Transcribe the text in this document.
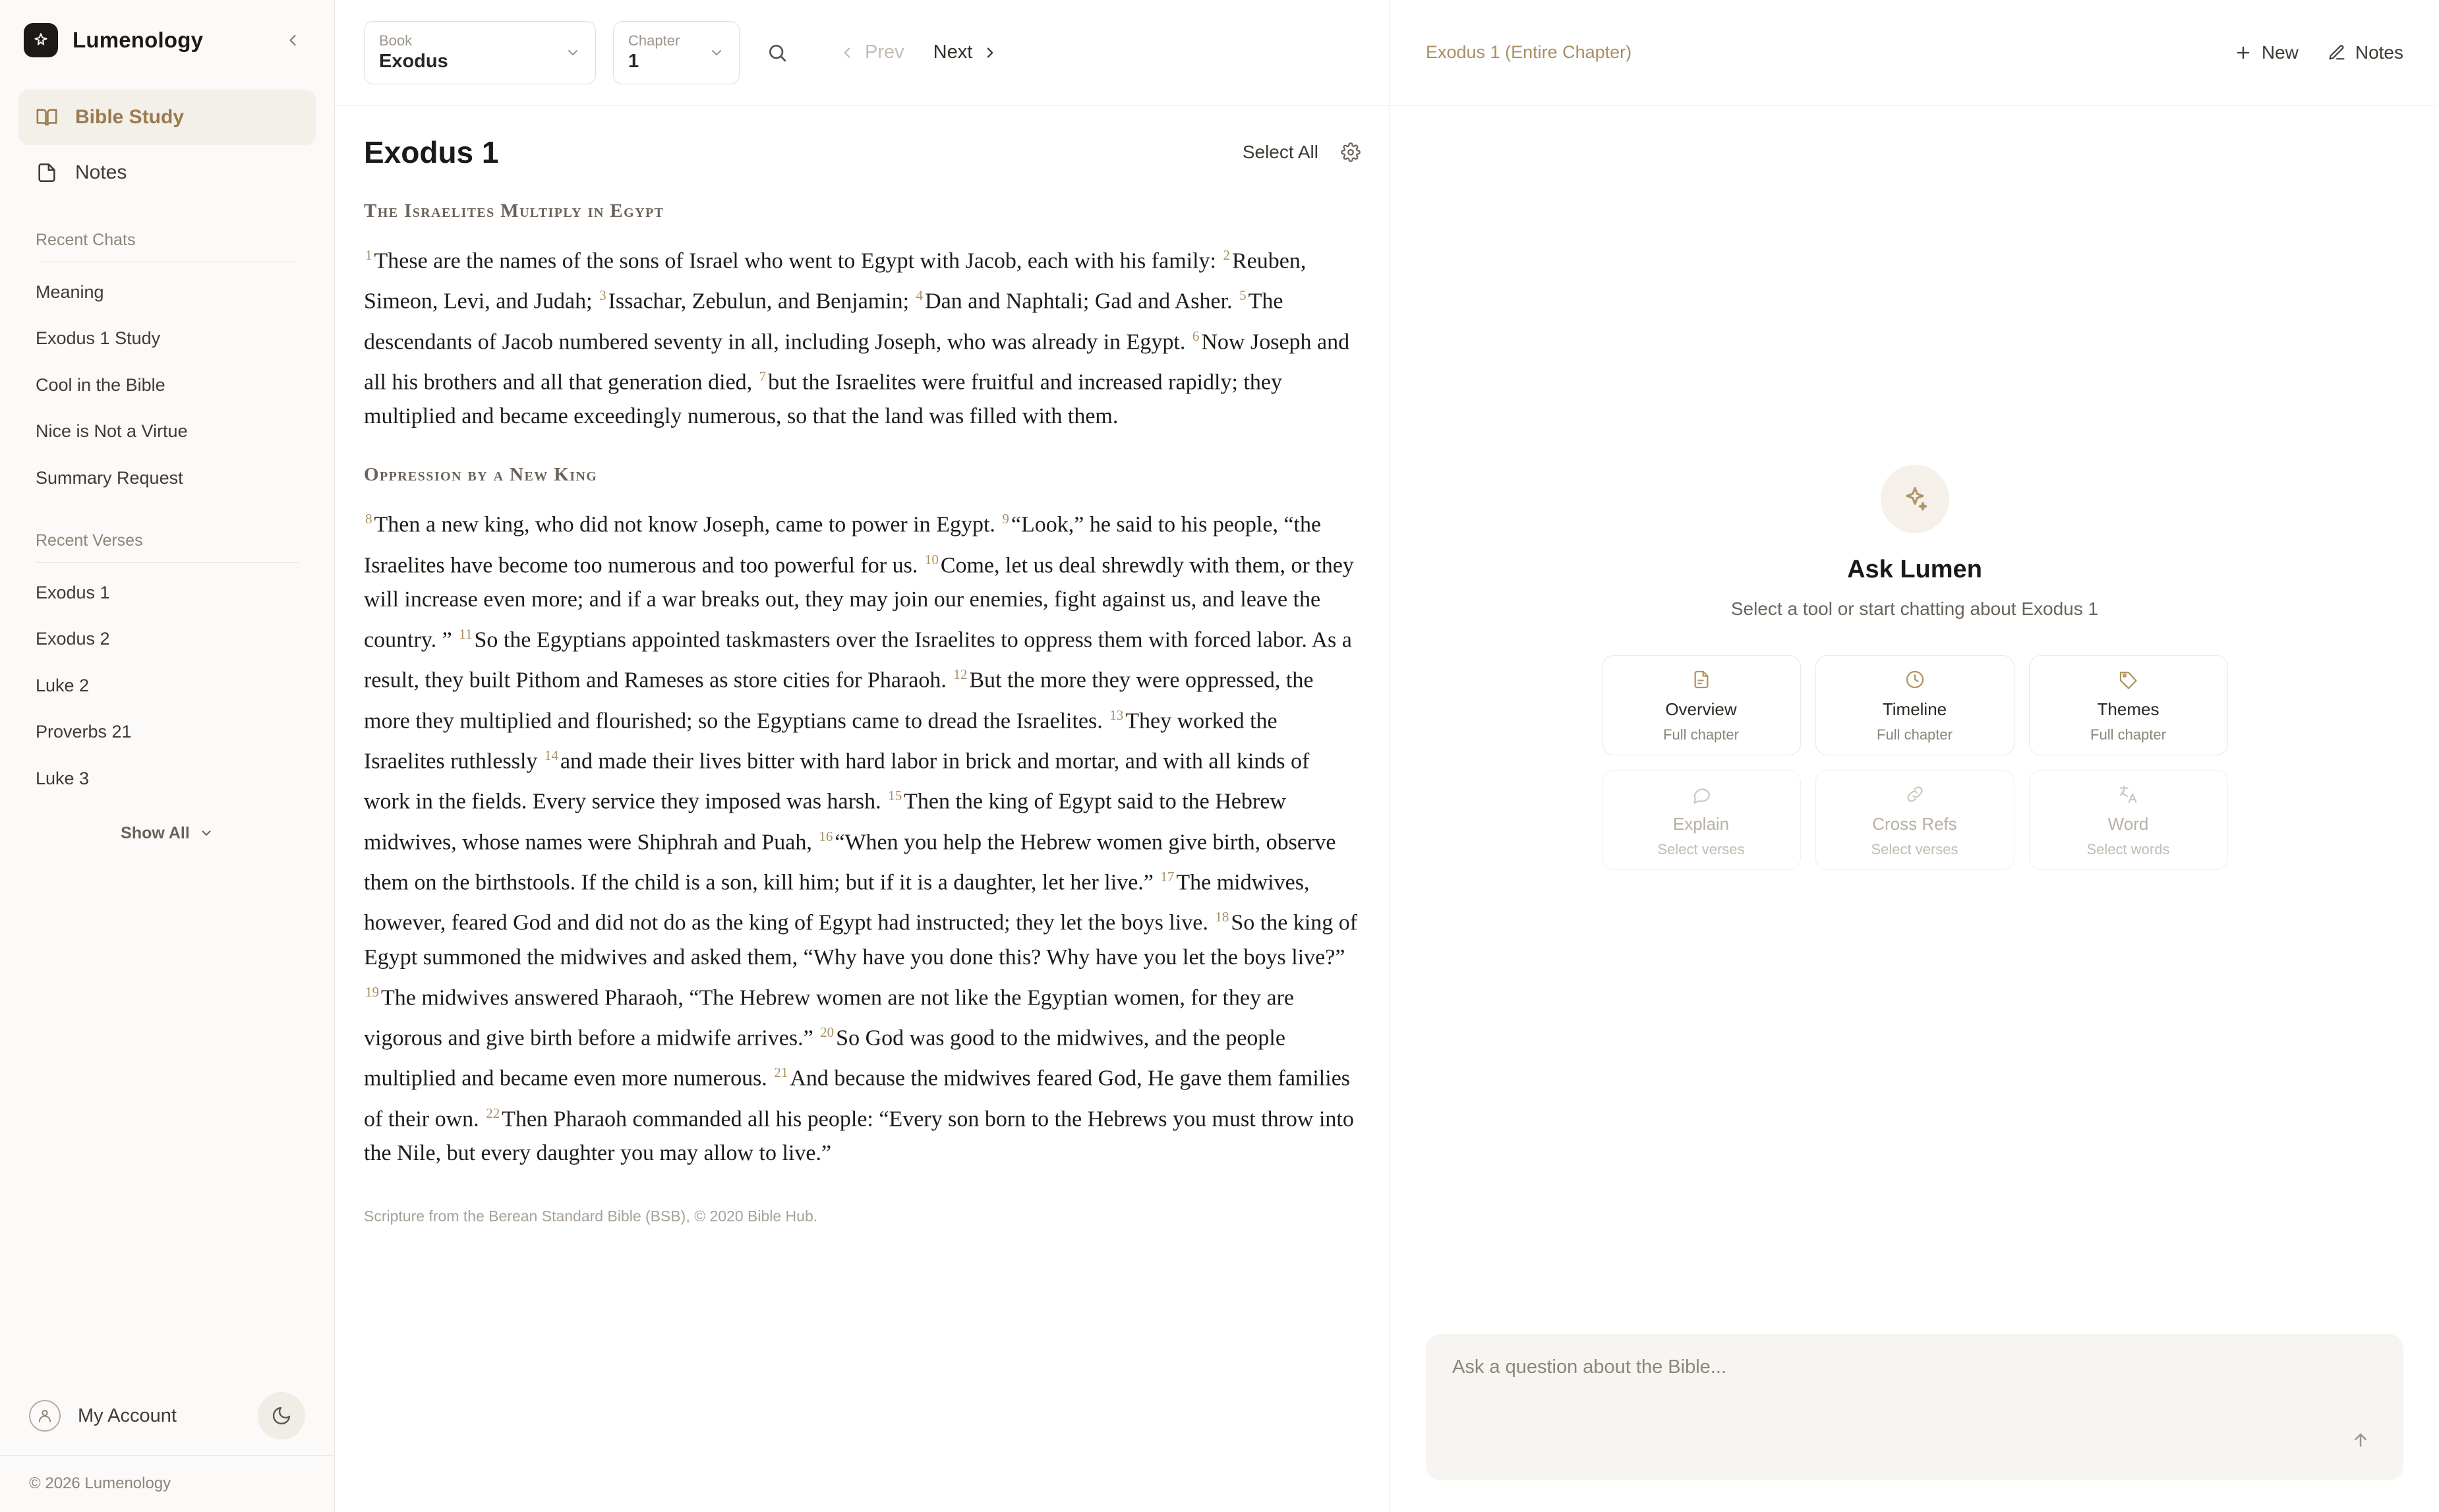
Lumenology
Bible Study
Notes
Recent Chats
Meaning
Exodus 1 Study
Cool in the Bible
Nice is Not a Virtue
Summary Request
Recent Verses
Exodus 1
Exodus 2
Luke 2
Proverbs 21
Luke 3
Show All
My Account
© 2026 Lumenology
Book
Exodus
Chapter
1	Prev Next
Exodus 1	Select All
The Israelites Multiply in Egypt

$^1$These are the names of the sons of Israel who went to Egypt with Jacob, each with his family: $^2$Reuben, Simeon, Levi, and Judah; $^3$Issachar, Zebulun, and Benjamin; $^4$Dan and Naphtali; Gad and Asher. $^5$The descendants of Jacob numbered seventy in all, including Joseph, who was already in Egypt. $^6$Now Joseph and all his brothers and all that generation died, $^7$but the Israelites were fruitful and increased rapidly; they multiplied and became exceedingly numerous, so that the land was filled with them.

Oppression by a New King

$^8$Then a new king, who did not know Joseph, came to power in Egypt. $^9$“Look,” he said to his people, “the Israelites have become too numerous and too powerful for us. $^{10}$Come, let us deal shrewdly with them, or they will increase even more; and if a war breaks out, they may join our enemies, fight against us, and leave the country. ” $^{11}$So the Egyptians appointed taskmasters over the Israelites to oppress them with forced labor. As a result, they built Pithom and Rameses as store cities for Pharaoh. $^{12}$But the more they were oppressed, the more they multiplied and flourished; so the Egyptians came to dread the Israelites. $^{13}$They worked the Israelites ruthlessly $^{14}$and made their lives bitter with hard labor in brick and mortar, and with all kinds of work in the fields. Every service they imposed was harsh. $^{15}$Then the king of Egypt said to the Hebrew midwives, whose names were Shiphrah and Puah, $^{16}$“When you help the Hebrew women give birth, observe them on the birthstools. If the child is a son, kill him; but if it is a daughter, let her live.” $^{17}$The midwives, however, feared God and did not do as the king of Egypt had instructed; they let the boys live. $^{18}$So the king of Egypt summoned the midwives and asked them, “Why have you done this? Why have you let the boys live?” $^{19}$The midwives answered Pharaoh, “The Hebrew women are not like the Egyptian women, for they are vigorous and give birth before a midwife arrives.” $^{20}$So God was good to the midwives, and the people multiplied and became even more numerous. $^{21}$And because the midwives feared God, He gave them families of their own. $^{22}$Then Pharaoh commanded all his people: “Every son born to the Hebrews you must throw into the Nile, but every daughter you may allow to live.”

Scripture from the Berean Standard Bible (BSB), © 2020 Bible Hub.
Exodus 1 (Entire Chapter)	New	Notes
Ask Lumen
Select a tool or start chatting about Exodus 1
Overview
Full chapter
Timeline
Full chapter
Themes
Full chapter
Explain
Select verses
Cross Refs
Select verses
Word
Select words
Ask a question about the Bible...
